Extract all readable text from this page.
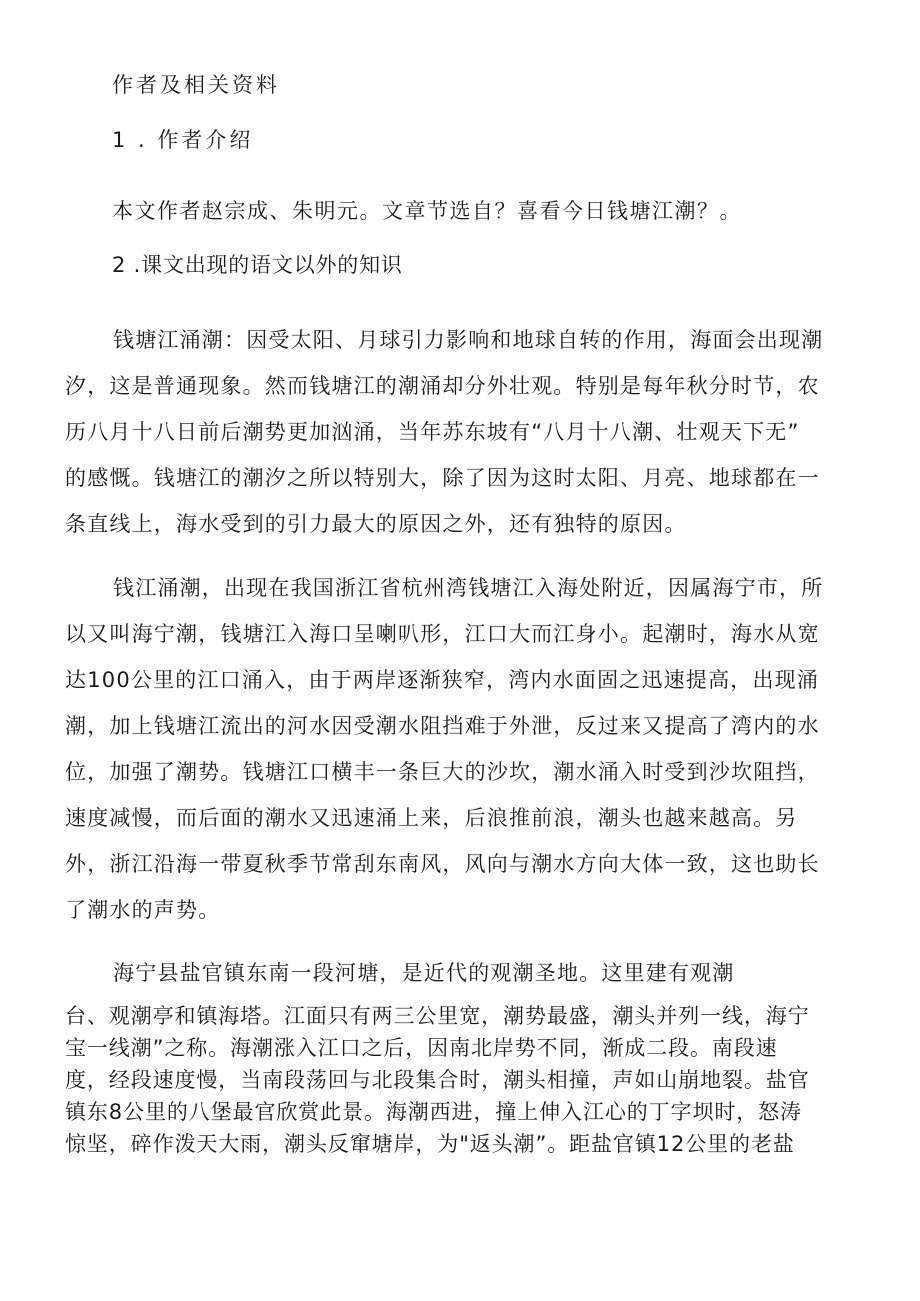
作者及相关资料

1 . 作者介绍

本文作者赵宗成、朱明元。文章节选自？喜看今日钱塘江潮？。

2 .课文出现的语文以外的知识

钱塘江涌潮：因受太阳、月球引力影响和地球自转的作用，海面会出现潮
汐，这是普通现象。然而钱塘江的潮涌却分外壮观。特别是每年秋分时节，农
历八月十八日前后潮势更加汹涌，当年苏东坡有“八月十八潮、壮观天下无”
的感慨。钱塘江的潮汐之所以特别大，除了因为这时太阳、月亮、地球都在一
条直线上，海水受到的引力最大的原因之外，还有独特的原因。
钱江涌潮，出现在我国浙江省杭州湾钱塘江入海处附近，因属海宁市，所
以又叫海宁潮，钱塘江入海口呈喇叭形，江口大而江身小。起潮时，海水从宽
达100公里的江口涌入，由于两岸逐渐狭窄，湾内水面固之迅速提高，出现涌
潮，加上钱塘江流出的河水因受潮水阻挡难于外泄，反过来又提高了湾内的水
位，加强了潮势。钱塘江口横丰一条巨大的沙坎，潮水涌入时受到沙坎阻挡，
速度减慢，而后面的潮水又迅速涌上来，后浪推前浪，潮头也越来越高。另
外，浙江沿海一带夏秋季节常刮东南风，风向与潮水方向大体一致，这也助长
了潮水的声势。
海宁县盐官镇东南一段河塘，是近代的观潮圣地。这里建有观潮
台、观潮亭和镇海塔。江面只有两三公里宽，潮势最盛，潮头并列一线，海宁
宝一线潮”之称。海潮涨入江口之后，因南北岸势不同，渐成二段。南段速
度，经段速度慢，当南段荡回与北段集合时，潮头相撞，声如山崩地裂。盐官
镇东8公里的八堡最官欣赏此景。海潮西进，撞上伸入江心的丁字坝时，怒涛
惊坚，碎作泼天大雨，潮头反窜塘岸，为"返头潮”。距盐官镇12公里的老盐
